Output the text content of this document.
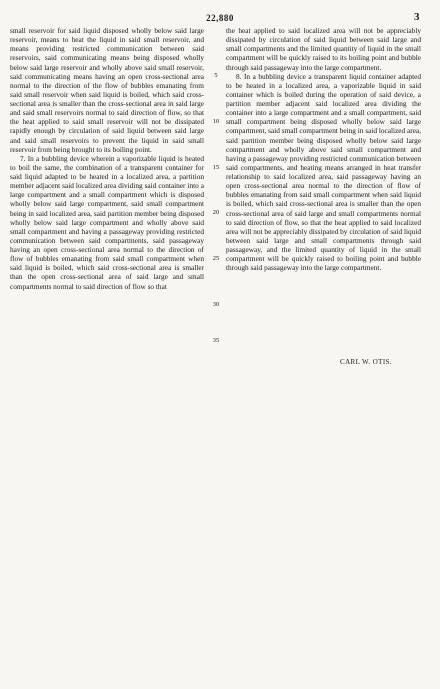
22,880	3

small reservoir for said liquid disposed wholly below said large reservoir, means to heat the liquid in said small reservoir, and means providing restricted communication between said reservoirs, said communicating means being disposed wholly below said large reservoir and wholly above said small reservoir, said communicating means having an open cross-sectional area normal to the direction of the flow of bubbles emanating from said small reservoir when said liquid is boiled, which said cross-sectional area is smaller than the cross-sectional area in said large and said small reservoirs normal to said direction of flow, so that the heat applied to said small reservoir will not be dissipated rapidly enough by circulation of said liquid between said large and said small reservoirs to prevent the liquid in said small reservoir from being brought to its boiling point.

7. In a bubbling device wherein a vaporizable liquid is heated to boil the same, the combination of a transparent container for said liquid adapted to be heated in a localized area, a partition member adjacent said localized area dividing said container into a large compartment and a small compartment which is disposed wholly below said large compartment, said small compartment being in said localized area, said partition member being disposed wholly below said large compartment and wholly above said small compartment and having a passageway providing restricted communication between said compartments, said passageway having an open cross-sectional area normal to the direction of flow of bubbles emanating from said small compartment when said liquid is boiled, which said cross-sectional area is smaller than the open cross-sectional area of said large and small compartments normal to said direction of flow so that

5
10
15
20
25
30
35

the heat applied to said localized area will not be appreciably dissipated by circulation of said liquid between said large and small compartments and the limited quantity of liquid in the small compartment will be quickly raised to its boiling point and bubble through said passageway into the large compartment.

8. In a bubbling device a transparent liquid container adapted to be heated in a localized area, a vaporizable liquid in said container which is boiled during the operation of said device, a partition member adjacent said localized area dividing the container into a large compartment and a small compartment, said small compartment being disposed wholly below said large compartment, said small compartment being in said localized area, said partition member being disposed wholly below said large compartment and wholly above said small compartment and having a passageway providing restricted communication between said compartments, and heating means arranged in heat transfer relationship to said localized area, said passageway having an open cross-sectional area normal to the direction of flow of bubbles emanating from said small compartment when said liquid is boiled, which said cross-sectional area is smaller than the open cross-sectional area of said large and small compartments normal to said direction of flow, so that the heat applied to said localized area will not be appreciably dissipated by circulation of said liquid between said large and small compartments through said passageway, and the limited quantity of liquid in the small compartment will be quickly raised to boiling point and bubble through said passageway into the large compartment.

CARL W. OTIS.
